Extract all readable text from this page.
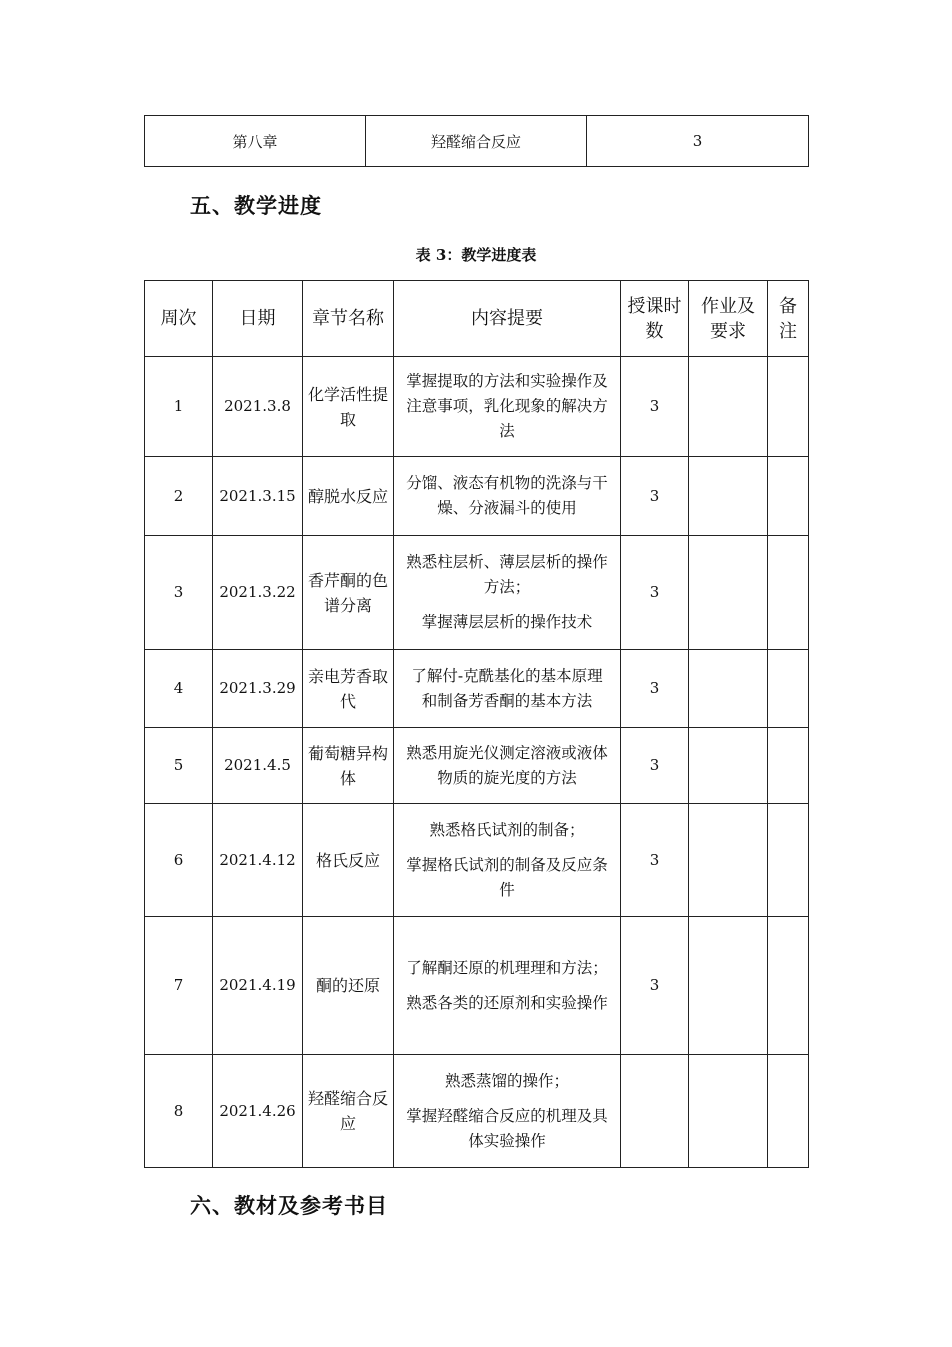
第八章	羟醛缩合反应	3
五、教学进度
表 3：教学进度表
周次	日期	章节名称	内容提要	授课时数	作业及要求	备注
1	2021.3.8	化学活性提取	掌握提取的方法和实验操作及注意事项，乳化现象的解决方法	3		
2	2021.3.15	醇脱水反应	分馏、液态有机物的洗涤与干燥、分液漏斗的使用	3		
3	2021.3.22	香芹酮的色谱分离	熟悉柱层析、薄层层析的操作方法；

掌握薄层层析的操作技术	3		
4	2021.3.29	亲电芳香取代	了解付-克酰基化的基本原理和制备芳香酮的基本方法	3		
5	2021.4.5	葡萄糖异构体	熟悉用旋光仪测定溶液或液体物质的旋光度的方法	3		
6	2021.4.12	格氏反应	熟悉格氏试剂的制备；

掌握格氏试剂的制备及反应条件	3		
7	2021.4.19	酮的还原	了解酮还原的机理理和方法；

熟悉各类的还原剂和实验操作	3		
8	2021.4.26	羟醛缩合反应	熟悉蒸馏的操作；

掌握羟醛缩合反应的机理及具体实验操作			

六、教材及参考书目
